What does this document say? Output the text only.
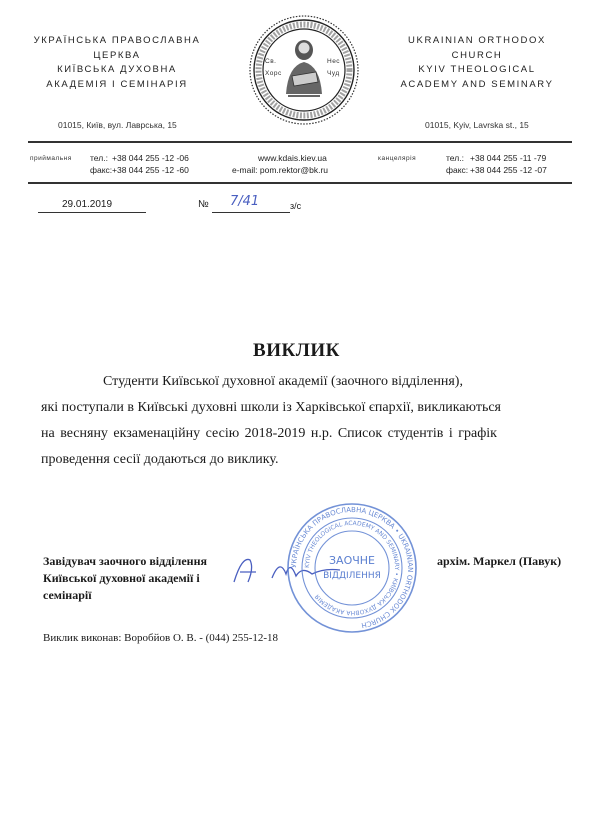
УКРАЇНСЬКА ПРАВОСЛАВНА
ЦЕРКВА
КИЇВСЬКА ДУХОВНА
АКАДЕМІЯ І СЕМІНАРІЯ
01015, Київ, вул. Лаврська, 15
UKRAINIAN ORTHODOX
CHURCH
KYIV THEOLOGICAL
ACADEMY AND SEMINARY
01015, Kyiv, Lavrska st., 15
Св.	Нес
Хорс	Чуд
приймальня тел.: +38 044 255 -12 -06
факс: +38 044 255 -12 -60
www.kdais.kiev.ua
e-mail: pom.rektor@bk.ru
канцелярія	тел.: +38 044 255 -11 -79
факс: +38 044 255 -12 -07
29.01.2019	№ 7/41	з/с
ВИКЛИК
Студенти Київської духовної академії (заочного відділення),
які поступали в Київські духовні школи із Харківської єпархії, викликаються
на весняну екзаменаційну сесію 2018-2019 н.р. Список студентів і графік
проведення сесії додаються до виклику.
Завідувач заочного відділення
Київської духовної академії і
семінарії
УКРАЇНСЬКА ПРАВОСЛАВНА ЦЕРКВА • UKRAINIAN ORTHODOX CHURCH
KYIV THEOLOGICAL ACADEMY AND SEMINARY • КИЇВСЬКА ДУХОВНА АКАДЕМІЯ
ЗАОЧНЕ
ВІДДІЛЕННЯ
архім. Маркел (Павук)
Виклик виконав: Воробйов О. В. - (044) 255-12-18
